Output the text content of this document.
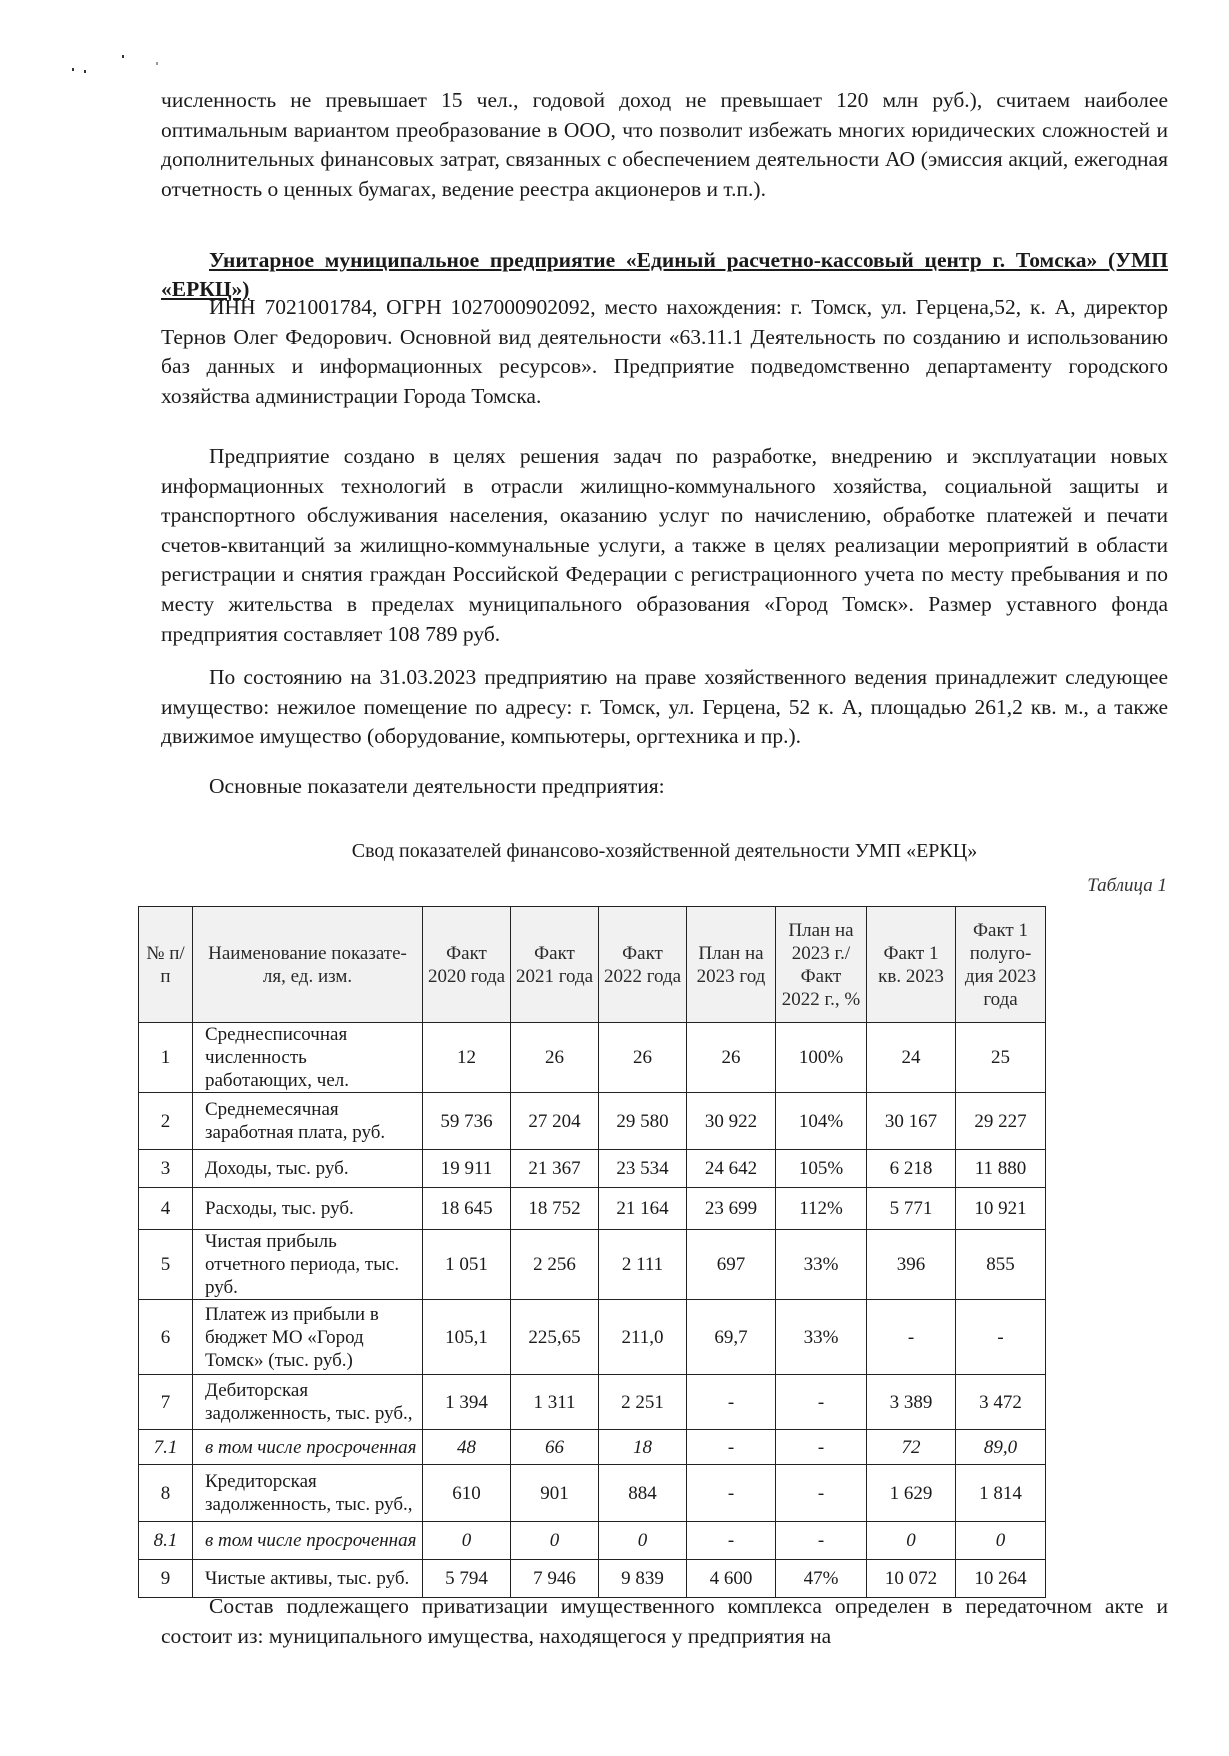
численность не превышает 15 чел., годовой доход не превышает 120 млн руб.), считаем наиболее оптимальным вариантом преобразование в ООО, что позволит избежать многих юридических сложностей и дополнительных финансовых затрат, связанных с обеспечением деятельности АО (эмиссия акций, ежегодная отчетность о ценных бумагах, ведение реестра акционеров и т.п.).

Унитарное муниципальное предприятие «Единый расчетно-кассовый центр г. Томска» (УМП «ЕРКЦ»)

ИНН 7021001784, ОГРН 1027000902092, место нахождения: г. Томск, ул. Герцена,52, к. А, директор Тернов Олег Федорович. Основной вид деятельности «63.11.1 Деятельность по созданию и использованию баз данных и информационных ресурсов». Предприятие подведомственно департаменту городского хозяйства администрации Города Томска.

Предприятие создано в целях решения задач по разработке, внедрению и эксплуатации новых информационных технологий в отрасли жилищно-коммунального хозяйства, социальной защиты и транспортного обслуживания населения, оказанию услуг по начислению, обработке платежей и печати счетов-квитанций за жилищно-коммунальные услуги, а также в целях реализации мероприятий в области регистрации и снятия граждан Российской Федерации с регистрационного учета по месту пребывания и по месту жительства в пределах муниципального образования «Город Томск». Размер уставного фонда предприятия составляет 108 789 руб.

По состоянию на 31.03.2023 предприятию на праве хозяйственного ведения принадлежит следующее имущество: нежилое помещение по адресу: г. Томск, ул. Герцена, 52 к. А, площадью 261,2 кв. м., а также движимое имущество (оборудование, компьютеры, оргтехника и пр.).

Основные показатели деятельности предприятия:

Свод показателей финансово-хозяйственной деятельности УМП «ЕРКЦ»
Таблица 1
№ п/п	Наименование показате-ля, ед. изм.	Факт 2020 года	Факт 2021 года	Факт 2022 года	План на 2023 год	План на 2023 г./ Факт 2022 г., %	Факт 1 кв. 2023	Факт 1 полуго-дия 2023 года
1	Среднесписочная численность работающих, чел.	12	26	26	26	100%	24	25
2	Среднемесячная заработная плата, руб.	59 736	27 204	29 580	30 922	104%	30 167	29 227
3	Доходы, тыс. руб.	19 911	21 367	23 534	24 642	105%	6 218	11 880
4	Расходы, тыс. руб.	18 645	18 752	21 164	23 699	112%	5 771	10 921
5	Чистая прибыль отчетного периода, тыс. руб.	1 051	2 256	2 111	697	33%	396	855
6	Платеж из прибыли в бюджет МО «Город Томск» (тыс. руб.)	105,1	225,65	211,0	69,7	33%	-	-
7	Дебиторская задолженность, тыс. руб.,	1 394	1 311	2 251	-	-	3 389	3 472
7.1	в том числе просроченная	48	66	18	-	-	72	89,0
8	Кредиторская задолженность, тыс. руб.,	610	901	884	-	-	1 629	1 814
8.1	в том числе просроченная	0	0	0	-	-	0	0
9	Чистые активы, тыс. руб.	5 794	7 946	9 839	4 600	47%	10 072	10 264

Состав подлежащего приватизации имущественного комплекса определен в передаточном акте и состоит из: муниципального имущества, находящегося у предприятия на
